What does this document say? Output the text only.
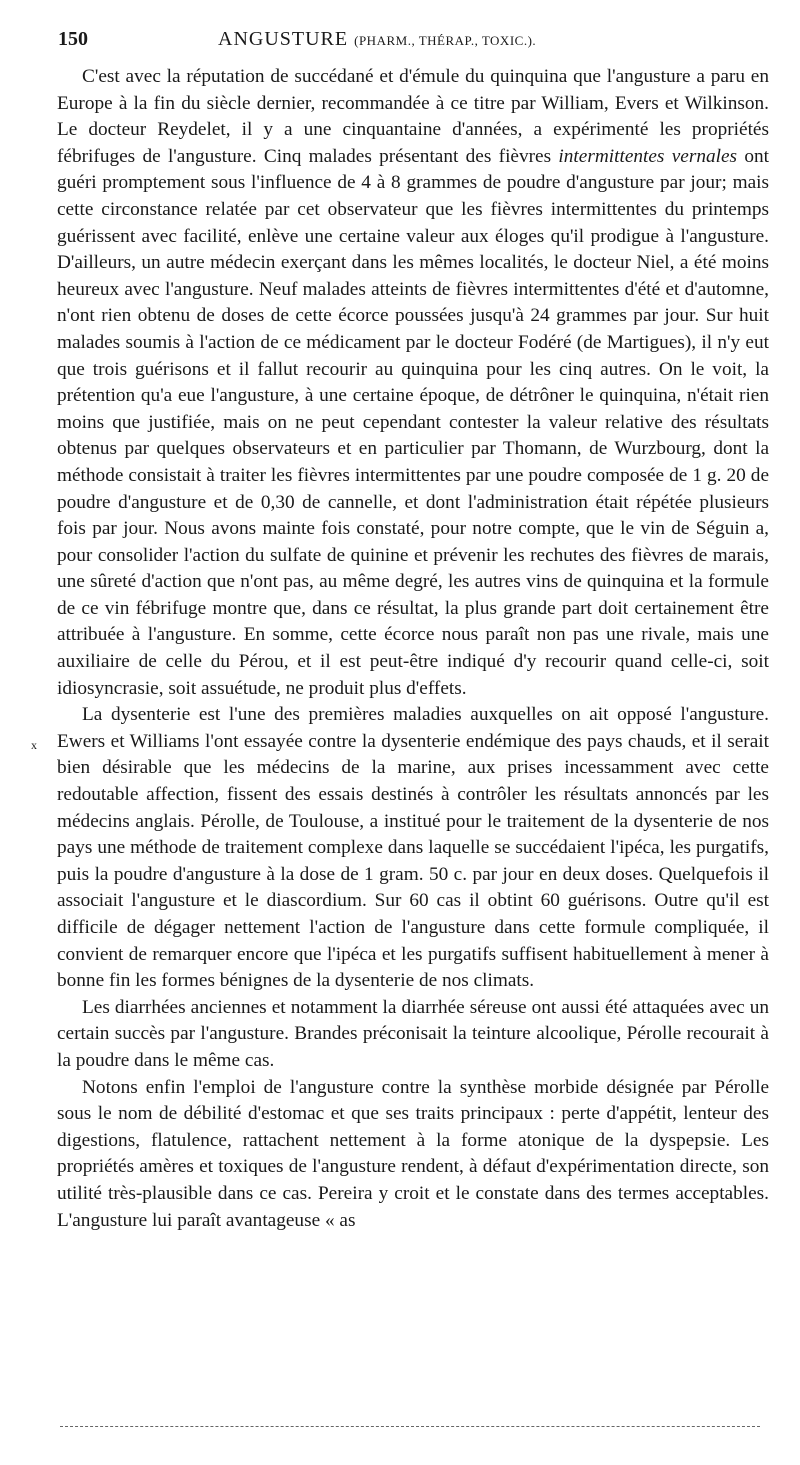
150	ANGUSTURE (PHARM., THÉRAP., TOXIC.).

C'est avec la réputation de succédané et d'émule du quinquina que l'angusture a paru en Europe à la fin du siècle dernier, recommandée à ce titre par William, Evers et Wilkinson. Le docteur Reydelet, il y a une cinquantaine d'années, a expérimenté les propriétés fébrifuges de l'angusture. Cinq malades présentant des fièvres intermittentes vernales ont guéri promptement sous l'influence de 4 à 8 grammes de poudre d'angusture par jour; mais cette circonstance relatée par cet observateur que les fièvres intermittentes du printemps guérissent avec facilité, enlève une certaine valeur aux éloges qu'il prodigue à l'angusture. D'ailleurs, un autre médecin exerçant dans les mêmes localités, le docteur Niel, a été moins heureux avec l'angusture. Neuf malades atteints de fièvres intermittentes d'été et d'automne, n'ont rien obtenu de doses de cette écorce poussées jusqu'à 24 grammes par jour. Sur huit malades soumis à l'action de ce médicament par le docteur Fodéré (de Martigues), il n'y eut que trois guérisons et il fallut recourir au quinquina pour les cinq autres. On le voit, la prétention qu'a eue l'angusture, à une certaine époque, de détrôner le quinquina, n'était rien moins que justifiée, mais on ne peut cependant contester la valeur relative des résultats obtenus par quelques observateurs et en particulier par Thomann, de Wurzbourg, dont la méthode consistait à traiter les fièvres intermittentes par une poudre composée de 1 g. 20 de poudre d'angusture et de 0,30 de cannelle, et dont l'administration était répétée plusieurs fois par jour. Nous avons mainte fois constaté, pour notre compte, que le vin de Séguin a, pour consolider l'action du sulfate de quinine et prévenir les rechutes des fièvres de marais, une sûreté d'action que n'ont pas, au même degré, les autres vins de quinquina et la formule de ce vin fébrifuge montre que, dans ce résultat, la plus grande part doit certainement être attribuée à l'angusture. En somme, cette écorce nous paraît non pas une rivale, mais une auxiliaire de celle du Pérou, et il est peut-être indiqué d'y recourir quand celle-ci, soit idiosyncrasie, soit assuétude, ne produit plus d'effets.

La dysenterie est l'une des premières maladies auxquelles on ait opposé l'angusture. Ewers et Williams l'ont essayée contre la dysenterie endémique des pays chauds, et il serait bien désirable que les médecins de la marine, aux prises incessamment avec cette redoutable affection, fissent des essais destinés à contrôler les résultats annoncés par les médecins anglais. Pérolle, de Toulouse, a institué pour le traitement de la dysenterie de nos pays une méthode de traitement complexe dans laquelle se succédaient l'ipéca, les purgatifs, puis la poudre d'angusture à la dose de 1 gram. 50 c. par jour en deux doses. Quelquefois il associait l'angusture et le diascordium. Sur 60 cas il obtint 60 guérisons. Outre qu'il est difficile de dégager nettement l'action de l'angusture dans cette formule compliquée, il convient de remarquer encore que l'ipéca et les purgatifs suffisent habituellement à mener à bonne fin les formes bénignes de la dysenterie de nos climats.

Les diarrhées anciennes et notamment la diarrhée séreuse ont aussi été attaquées avec un certain succès par l'angusture. Brandes préconisait la teinture alcoolique, Pérolle recourait à la poudre dans le même cas.

Notons enfin l'emploi de l'angusture contre la synthèse morbide désignée par Pérolle sous le nom de débilité d'estomac et que ses traits principaux : perte d'appétit, lenteur des digestions, flatulence, rattachent nettement à la forme atonique de la dyspepsie. Les propriétés amères et toxiques de l'angusture rendent, à défaut d'expérimentation directe, son utilité très-plausible dans ce cas. Pereira y croit et le constate dans des termes acceptables. L'angusture lui paraît avantageuse « as

x
